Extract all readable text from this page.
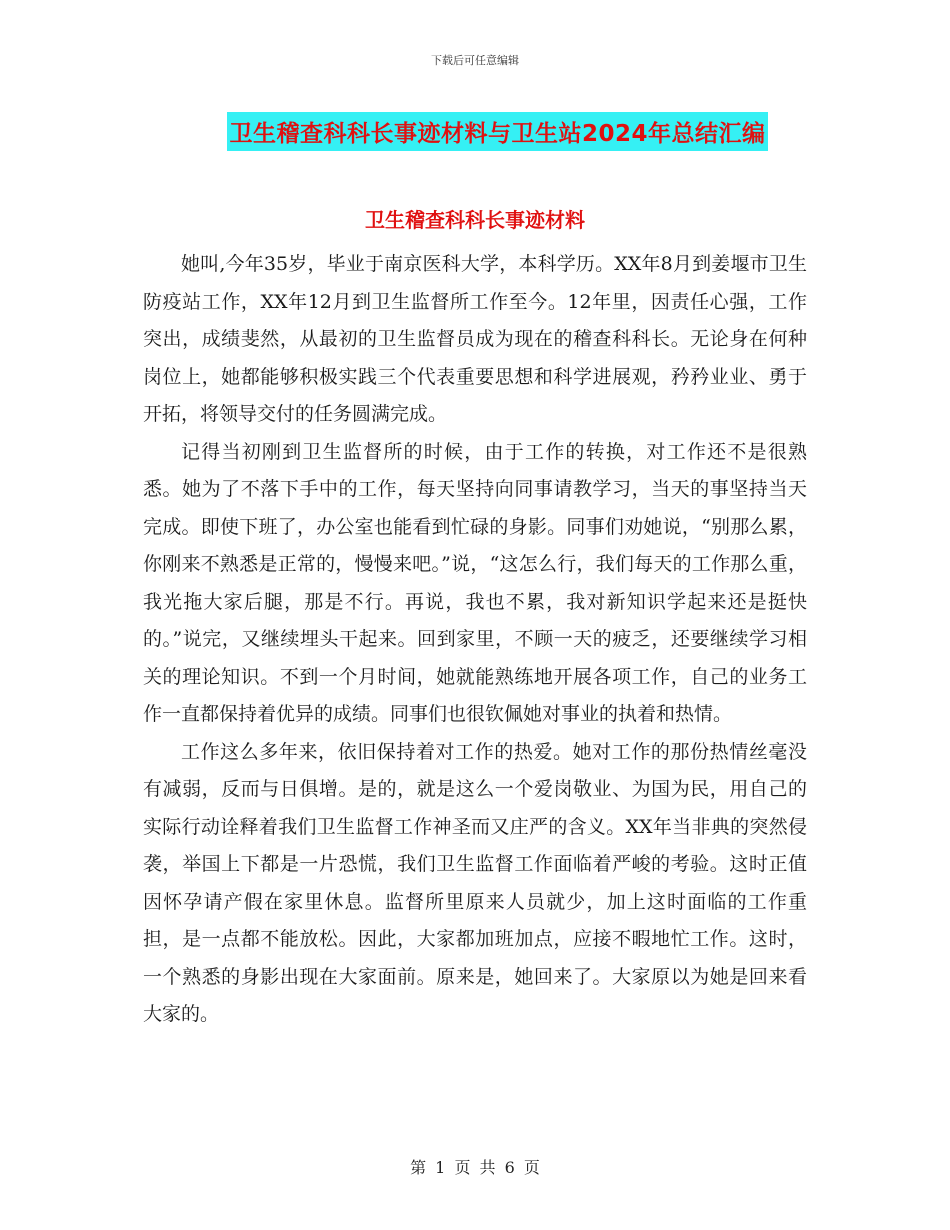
下载后可任意编辑
卫生稽查科科长事迹材料与卫生站2024年总结汇编
卫生稽查科科长事迹材料

她叫,今年35岁，毕业于南京医科大学，本科学历。XX年8月到姜堰市卫生防疫站工作，XX年12月到卫生监督所工作至今。12年里，因责任心强，工作突出，成绩斐然，从最初的卫生监督员成为现在的稽查科科长。无论身在何种岗位上，她都能够积极实践三个代表重要思想和科学进展观，矜矜业业、勇于开拓，将领导交付的任务圆满完成。

记得当初刚到卫生监督所的时候，由于工作的转换，对工作还不是很熟悉。她为了不落下手中的工作，每天坚持向同事请教学习，当天的事坚持当天完成。即使下班了，办公室也能看到忙碌的身影。同事们劝她说，“别那么累，你刚来不熟悉是正常的，慢慢来吧。”说，“这怎么行，我们每天的工作那么重，我光拖大家后腿，那是不行。再说，我也不累，我对新知识学起来还是挺快的。”说完，又继续埋头干起来。回到家里，不顾一天的疲乏，还要继续学习相关的理论知识。不到一个月时间，她就能熟练地开展各项工作，自己的业务工作一直都保持着优异的成绩。同事们也很钦佩她对事业的执着和热情。

工作这么多年来，依旧保持着对工作的热爱。她对工作的那份热情丝毫没有减弱，反而与日俱增。是的，就是这么一个爱岗敬业、为国为民，用自己的实际行动诠释着我们卫生监督工作神圣而又庄严的含义。XX年当非典的突然侵袭，举国上下都是一片恐慌，我们卫生监督工作面临着严峻的考验。这时正值因怀孕请产假在家里休息。监督所里原来人员就少，加上这时面临的工作重担，是一点都不能放松。因此，大家都加班加点，应接不暇地忙工作。这时，一个熟悉的身影出现在大家面前。原来是，她回来了。大家原以为她是回来看大家的。

第 1 页 共 6 页
